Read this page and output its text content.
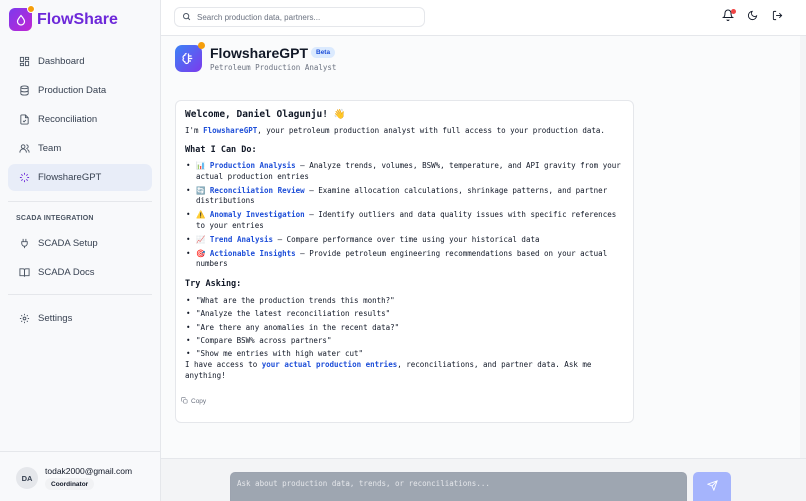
FlowShare
Dashboard
Production Data
Reconciliation
Team
FlowshareGPT
SCADA INTEGRATION
SCADA Setup
SCADA Docs
Settings
DA
todak2000@gmail.com
Coordinator
Search production data, partners...
FlowshareGPT	Beta
Petroleum Production Analyst
Welcome, Daniel Olagunju! 👋
I'm FlowshareGPT, your petroleum production analyst with full access to your production data.
What I Can Do:
• 📊 Production Analysis – Analyze trends, volumes, BSW%, temperature, and API gravity from your actual production entries
• 🔄 Reconciliation Review – Examine allocation calculations, shrinkage patterns, and partner distributions
• ⚠️ Anomaly Investigation – Identify outliers and data quality issues with specific references to your entries
• 📈 Trend Analysis – Compare performance over time using your historical data
• 🎯 Actionable Insights – Provide petroleum engineering recommendations based on your actual numbers
Try Asking:
• "What are the production trends this month?"
• "Analyze the latest reconciliation results"
• "Are there any anomalies in the recent data?"
• "Compare BSW% across partners"
• "Show me entries with high water cut"
I have access to your actual production entries, reconciliations, and partner data. Ask me anything!
Copy
Ask about production data, trends, or reconciliations...
